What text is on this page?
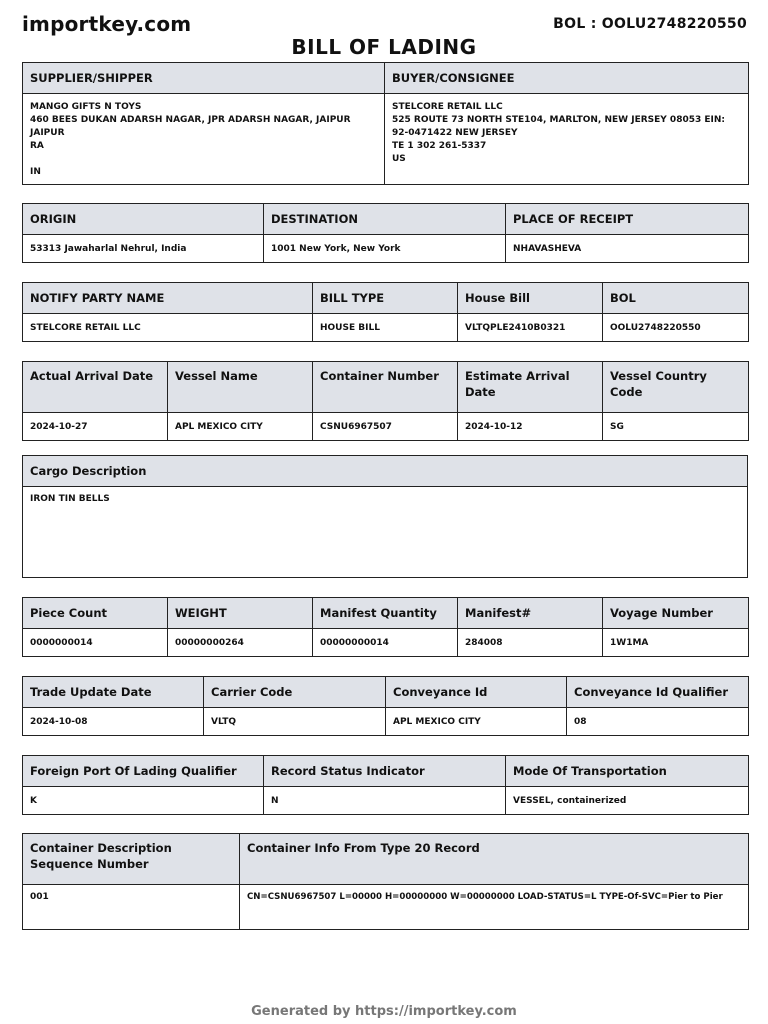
importkey.com	BOL : OOLU2748220550
BILL OF LADING
SUPPLIER/SHIPPER	BUYER/CONSIGNEE

MANGO GIFTS N TOYS
460 BEES DUKAN ADARSH NAGAR, JPR ADARSH NAGAR, JAIPUR JAIPUR
RA
IN	STELCORE RETAIL LLC
525 ROUTE 73 NORTH STE104, MARLTON, NEW JERSEY 08053 EIN:
92-0471422 NEW JERSEY
TE 1 302 261-5337
US
ORIGIN	DESTINATION	PLACE OF RECEIPT
53313 Jawaharlal Nehrul, India	1001 New York, New York	NHAVASHEVA
NOTIFY PARTY NAME	BILL TYPE	House Bill	BOL
STELCORE RETAIL LLC	HOUSE BILL	VLTQPLE2410B0321	OOLU2748220550
Actual Arrival Date	Vessel Name	Container Number	Estimate Arrival Date	Vessel Country Code
2024-10-27	APL MEXICO CITY	CSNU6967507	2024-10-12	SG
Cargo Description
IRON TIN BELLS
Piece Count	WEIGHT	Manifest Quantity	Manifest#	Voyage Number
0000000014	00000000264	00000000014	284008	1W1MA
Trade Update Date	Carrier Code	Conveyance Id	Conveyance Id Qualifier
2024-10-08	VLTQ	APL MEXICO CITY	08
Foreign Port Of Lading Qualifier	Record Status Indicator	Mode Of Transportation
K	N	VESSEL, containerized
Container Description Sequence Number	Container Info From Type 20 Record
001	CN=CSNU6967507 L=00000 H=00000000 W=00000000 LOAD-STATUS=L TYPE-Of-SVC=Pier to Pier
Generated by https://importkey.com
